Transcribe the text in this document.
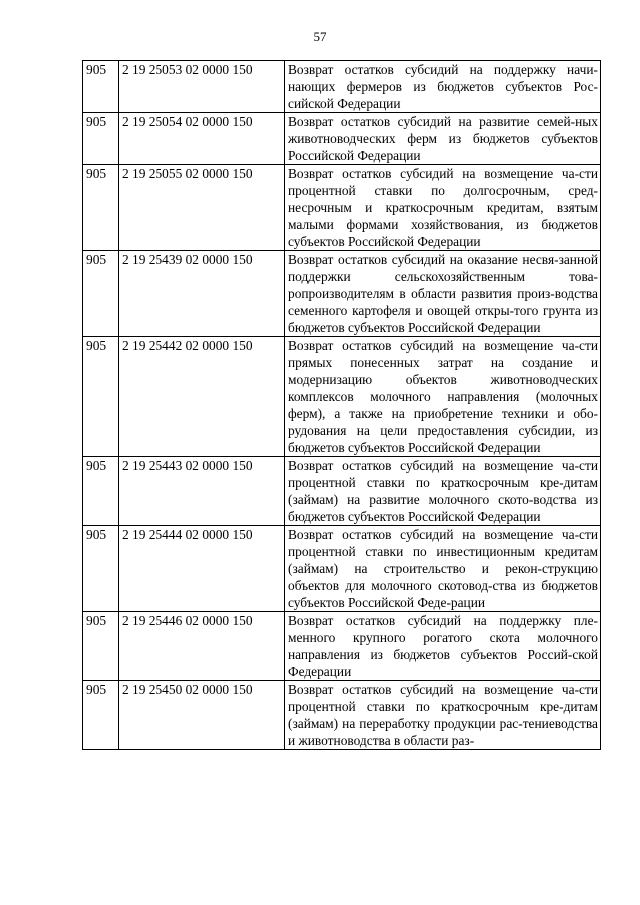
57
905	2 19 25053 02 0000 150	Возврат остатков субсидий на поддержку начи-нающих фермеров из бюджетов субъектов Рос-сийской Федерации
905	2 19 25054 02 0000 150	Возврат остатков субсидий на развитие семей-ных животноводческих ферм из бюджетов субъектов Российской Федерации
905	2 19 25055 02 0000 150	Возврат остатков субсидий на возмещение ча-сти процентной ставки по долгосрочным, сред-несрочным и краткосрочным кредитам, взятым малыми формами хозяйствования, из бюджетов субъектов Российской Федерации
905	2 19 25439 02 0000 150	Возврат остатков субсидий на оказание несвя-занной поддержки сельскохозяйственным това-ропроизводителям в области развития произ-водства семенного картофеля и овощей откры-того грунта из бюджетов субъектов Российской Федерации
905	2 19 25442 02 0000 150	Возврат остатков субсидий на возмещение ча-сти прямых понесенных затрат на создание и модернизацию объектов животноводческих комплексов молочного направления (молочных ферм), а также на приобретение техники и обо-рудования на цели предоставления субсидии, из бюджетов субъектов Российской Федерации
905	2 19 25443 02 0000 150	Возврат остатков субсидий на возмещение ча-сти процентной ставки по краткосрочным кре-дитам (займам) на развитие молочного ското-водства из бюджетов субъектов Российской Федерации
905	2 19 25444 02 0000 150	Возврат остатков субсидий на возмещение ча-сти процентной ставки по инвестиционным кредитам (займам) на строительство и рекон-струкцию объектов для молочного скотовод-ства из бюджетов субъектов Российской Феде-рации
905	2 19 25446 02 0000 150	Возврат остатков субсидий на поддержку пле-менного крупного рогатого скота молочного направления из бюджетов субъектов Россий-ской Федерации
905	2 19 25450 02 0000 150	Возврат остатков субсидий на возмещение ча-сти процентной ставки по краткосрочным кре-дитам (займам) на переработку продукции рас-тениеводства и животноводства в области раз-
